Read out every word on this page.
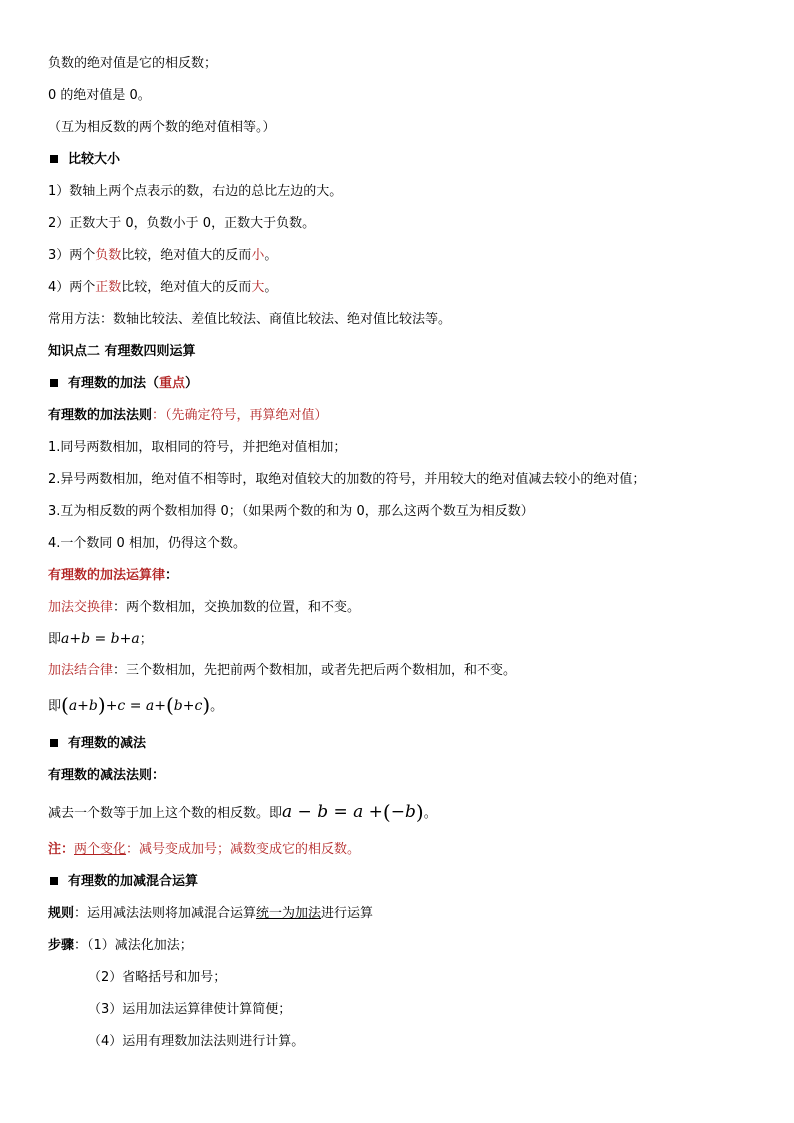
负数的绝对值是它的相反数；
0 的绝对值是 0。
（互为相反数的两个数的绝对值相等。）
比较大小
1）数轴上两个点表示的数，右边的总比左边的大。
2）正数大于 0，负数小于 0，正数大于负数。
3）两个负数比较，绝对值大的反而小。
4）两个正数比较，绝对值大的反而大。
常用方法：数轴比较法、差值比较法、商值比较法、绝对值比较法等。
知识点二 有理数四则运算
有理数的加法（重点）
有理数的加法法则：（先确定符号，再算绝对值）
1.同号两数相加，取相同的符号，并把绝对值相加；
2.异号两数相加，绝对值不相等时，取绝对值较大的加数的符号，并用较大的绝对值减去较小的绝对值；
3.互为相反数的两个数相加得 0；（如果两个数的和为 0，那么这两个数互为相反数）
4.一个数同 0 相加，仍得这个数。
有理数的加法运算律：
加法交换律：两个数相加，交换加数的位置，和不变。
即a+b = b+a；
加法结合律：三个数相加，先把前两个数相加，或者先把后两个数相加，和不变。
即(a+b)+c = a+(b+c)。
有理数的减法
有理数的减法法则：
减去一个数等于加上这个数的相反数。即a − b = a +(−b)。
注：两个变化：减号变成加号；减数变成它的相反数。
有理数的加减混合运算
规则：运用减法法则将加减混合运算统一为加法进行运算
步骤：（1）减法化加法；
（2）省略括号和加号；
（3）运用加法运算律使计算简便；
（4）运用有理数加法法则进行计算。
